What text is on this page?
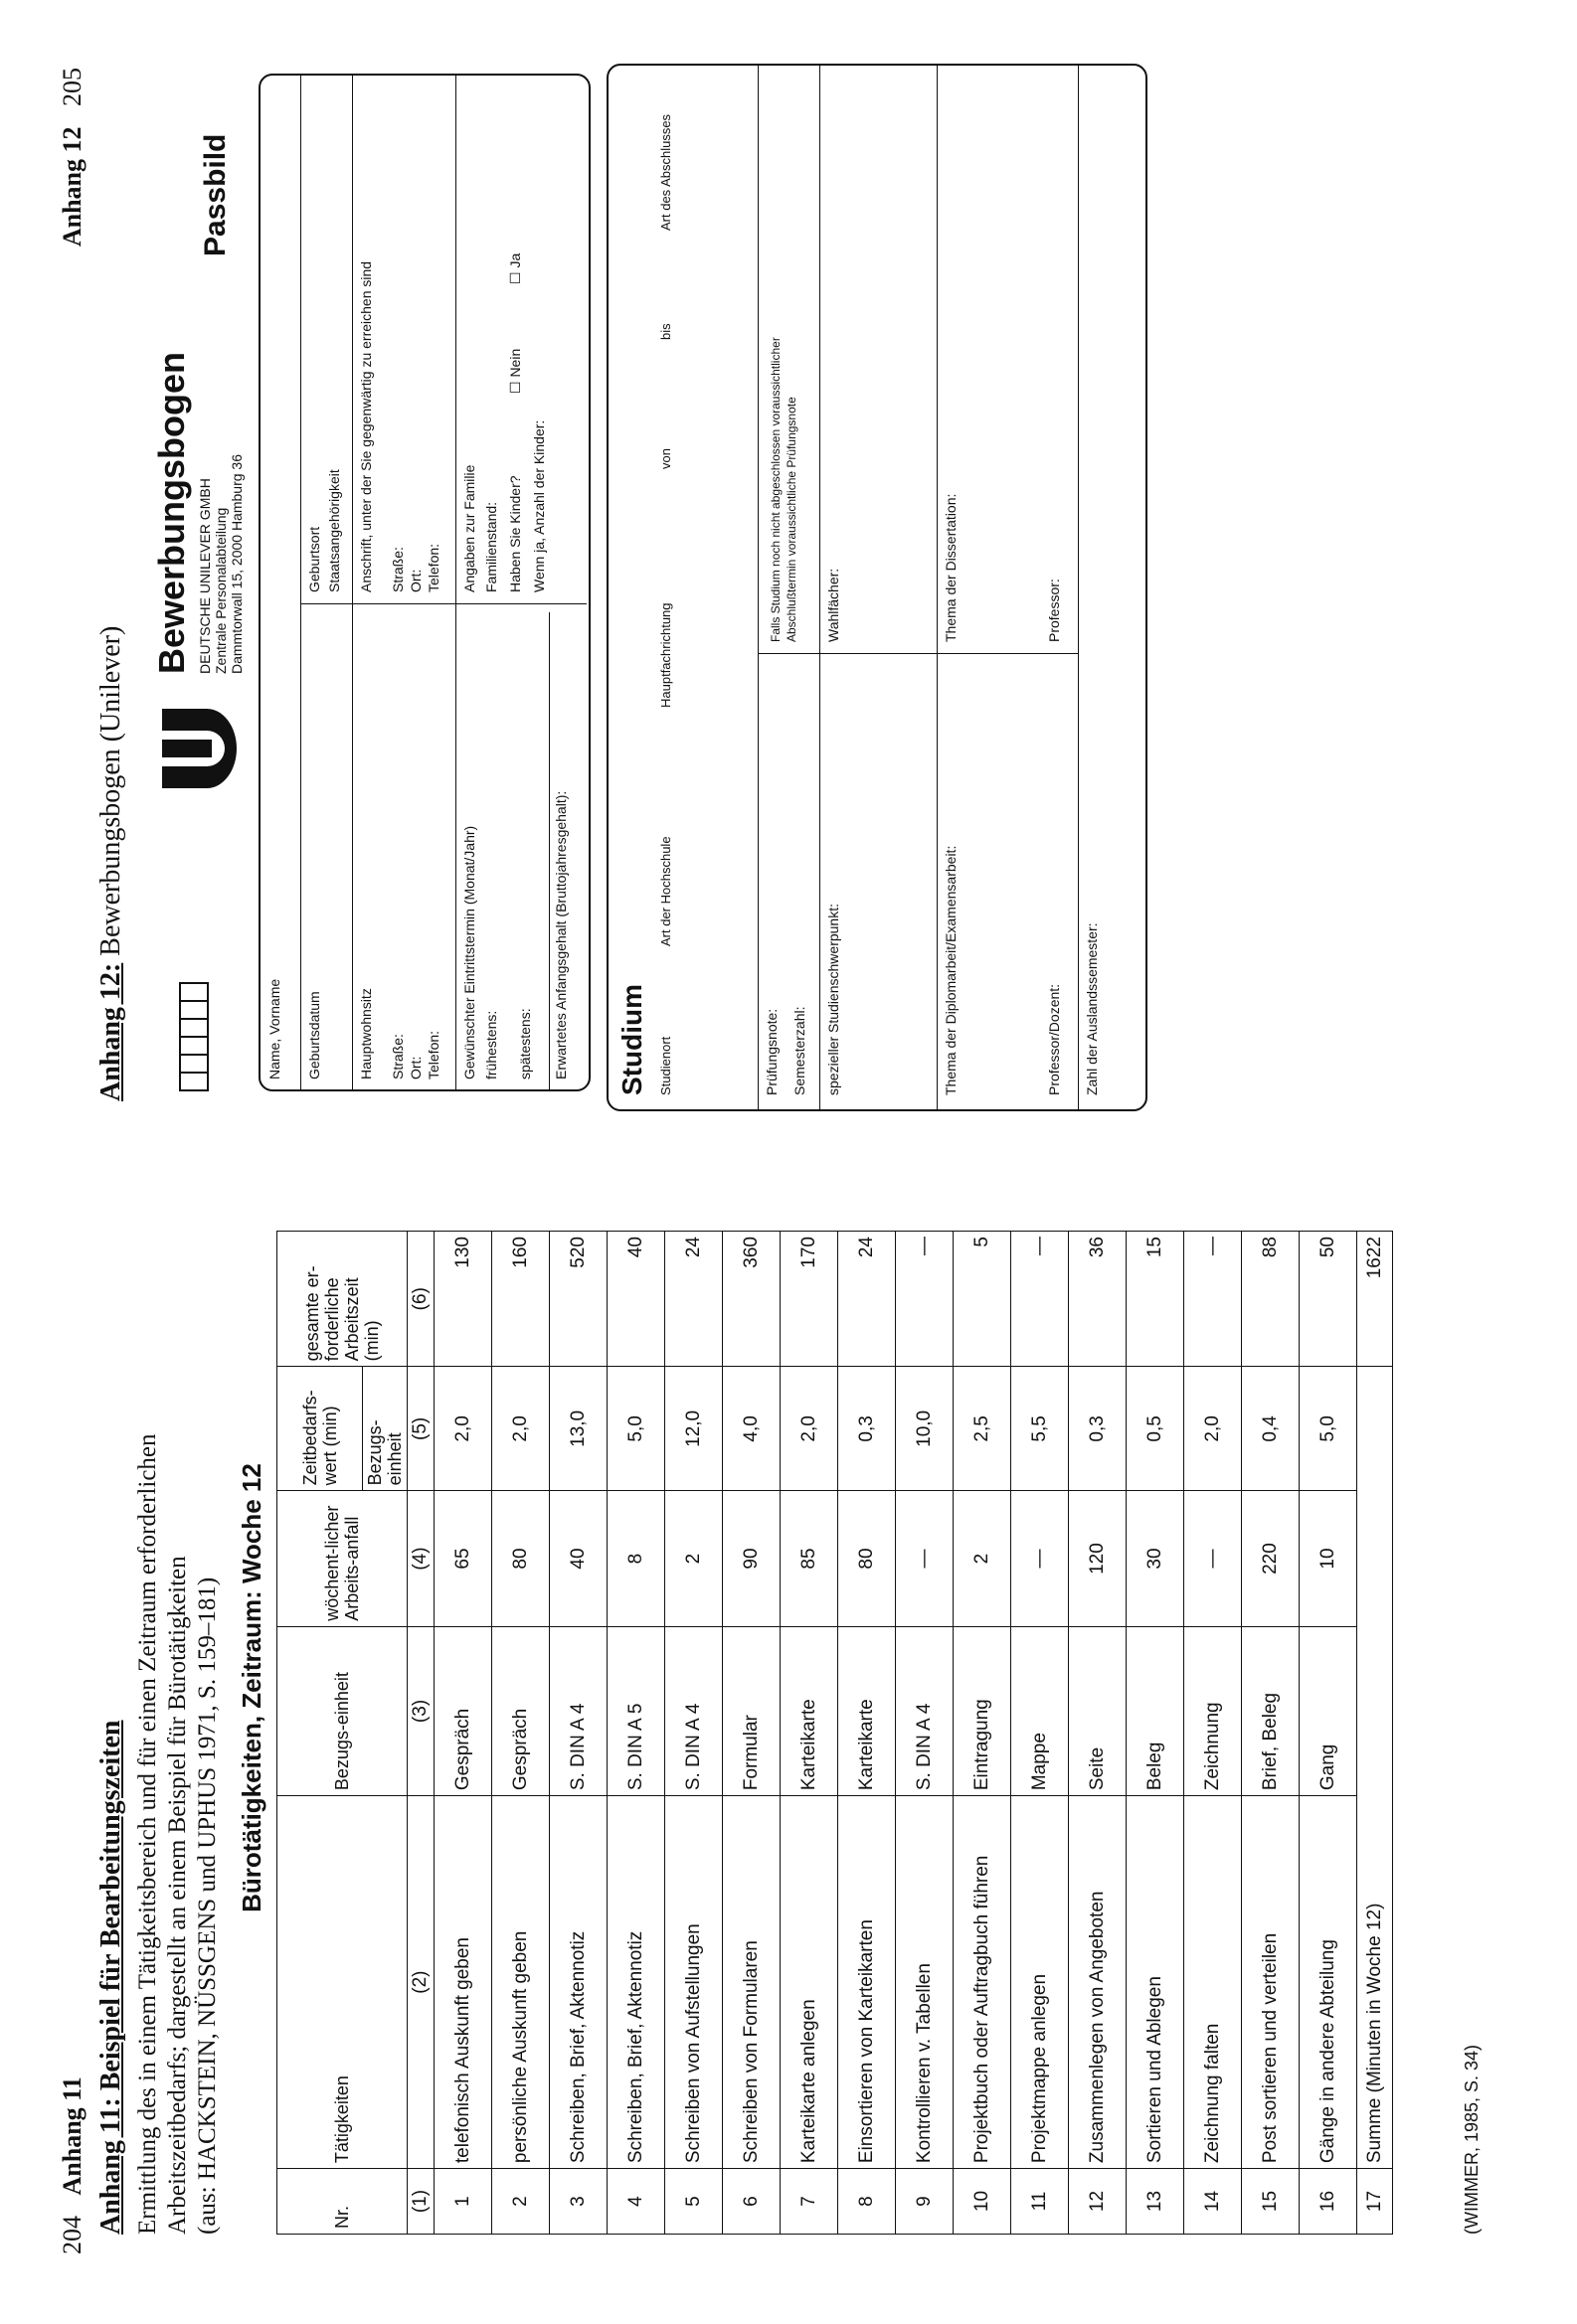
204 Anhang 11 Anhang 11: Beispiel für Bearbeitungszeiten Ermittlung des in einem Tätigkeitsbereich und für einen Zeitraum erforderlichen Arbeitszeitbedarfs; dargestellt an einem Beispiel für Bürotätigkeiten (aus: HACKSTEIN, NÜSSGENS und UPHUS 1971, S. 159–181) Bürotätigkeiten, Zeitraum: Woche 12
Nr.	Tätigkeiten	Bezugs-einheit	wöchent-licher Arbeits-anfall	Zeitbedarfs-wert (min)	gesamte er-forderliche Arbeitszeit (min)
				Bezugs-einheit	
(1)	(2)	(3)	(4)	(5)	(6)
1	telefonisch Auskunft geben	Gespräch	65	2,0	130
2	persönliche Auskunft geben	Gespräch	80	2,0	160
3	Schreiben, Brief, Aktennotiz	S. DIN A 4	40	13,0	520
4	Schreiben, Brief, Aktennotiz	S. DIN A 5	8	5,0	40
5	Schreiben von Aufstellungen	S. DIN A 4	2	12,0	24
6	Schreiben von Formularen	Formular	90	4,0	360
7	Karteikarte anlegen	Karteikarte	85	2,0	170
8	Einsortieren von Karteikarten	Karteikarte	80	0,3	24
9	Kontrollieren v. Tabellen	S. DIN A 4	—	10,0	—
10	Projektbuch oder Auftragbuch führen	Eintragung	2	2,5	5
11	Projektmappe anlegen	Mappe	—	5,5	—
12	Zusammenlegen von Angeboten	Seite	120	0,3	36
13	Sortieren und Ablegen	Beleg	30	0,5	15
14	Zeichnung falten	Zeichnung	—	2,0	—
15	Post sortieren und verteilen	Brief, Beleg	220	0,4	88
16	Gänge in andere Abteilung	Gang	10	5,0	50
17	Summe (Minuten in Woche 12)				1622
(WIMMER, 1985, S. 34)
Anhang 12 205
Anhang 12: Bewerbungsbogen (Unilever)
Bewerbungsbogen DEUTSCHE UNILEVER GMBH Zentrale Personalabteilung Dammtorwall 15, 2000 Hamburg 36
Passbild
Name, Vorname Geburtsdatum
Geburtsort Staatsangehörigkeit
Hauptwohnsitz
Anschrift, unter der Sie gegenwärtig zu erreichen sind
Straße: Ort: Telefon:
Straße: Ort: Telefon:
Gewünschter Eintrittstermin (Monat/Jahr) frühestens: spätestens:
Angaben zur Familie Familienstand: Haben Sie Kinder?
☐ Nein
☐ Ja
Wenn ja, Anzahl der Kinder:
Erwartetes Anfangsgehalt (Bruttojahresgehalt): Studium Studienort
Art der Hochschule
Hauptfachrichtung
von
bis
Art des Abschlusses
Prüfungsnote: Semesterzahl:
Falls Studium noch nicht abgeschlossen voraussichtlicher Abschlußtermin voraussichtliche Prüfungsnote
spezieller Studienschwerpunkt:
Wahlfächer:
Thema der Diplomarbeit/Examensarbeit:
Thema der Dissertation:
Professor/Dozent:
Professor:
Zahl der Auslandssemester:
